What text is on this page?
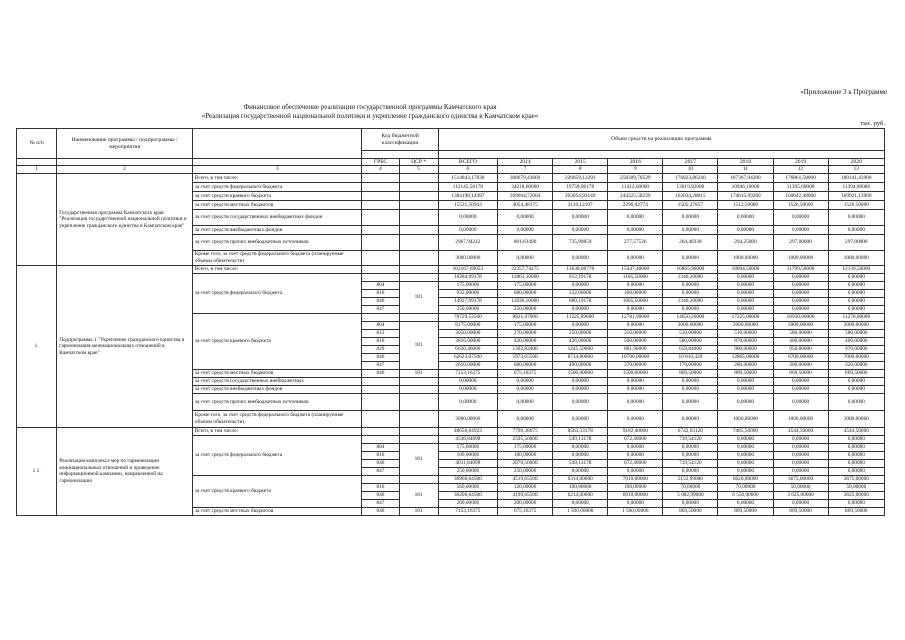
«Приложение 3 к Программе
Финансовое обеспечение реализации государственной программы Камчатского края
«Реализация государственной национальной политики и укрепление гражданского единства в Камчатском крае»
тыс. руб.
№ п/п	Наименование программы / подпрограммы / мероприятия		Код бюджетной классификации		Объем средств на реализацию программы							

			ГРБС	ЦСР *	ВСЕГО	2014	2015	2016	2017	2018	2019	2020
1	2	3	4	5	6	7	8	9	10	11	12	13
	Государственная программа Камчатского края "Реализация государственной национальной политики и укрепление гражданского единства в Камчатском крае"	Всего, в том числе:			1514843,17830	308679,43669	226659,13293	258309,78529	176823,86240	187367,94280	176861,58000	180141,43900
		за счет средств федерального бюджета			112145,58178	34218,60000	19758,06178	11412,60000	13019,92000	10946,10000	11395,60000	11394,80000
		за счет средств краевого бюджета			1384198,14497	269604,72004	203054,93149	244325,58229	162034,28015	174615,09280	160642,48000	169921,13900
		за счет средств местных бюджетов			15531,50943	4054,48175	3110,12107	2296,02774	1505,37857	1512,50000	1526,50000	1526,50000
		за счет средств государственных внебюджетных фондов			0,00000	0,00000	0,00000	0,00000	0,00000	0,00000	0,00000	0,00000
		за счет средств внебюджетных фондов			0,00000	0,00000	0,00000	0,00000	0,00000	0,00000	0,00000	0,00000
		за счет средств прочих внебюджетных источников			2967,94212	801,63490	735,99859	277,57526	264,48338	294,25000	297,00000	297,00000
		Кроме того, за счет средств федерального бюджета (планируемые объемы обязательств)			3000,00000	0,00000	0,00000	0,00000	0,00000	1000,00000	1000,00000	1000,00000
1.	Подпрограмма 1 "Укрепление гражданского единства и гармонизация межнациональных отношений в Камчатском крае"	Всего, в том числе:			102167,69053	22357,74275	13638,08778	15447,40000	16865,96000	18094,50000	11799,50000	12139,50000
		за счет средств федерального бюджета			16284,99178	12861,10000	912,19178	1165,50000	1346,20000	0,00000	0,00000	0,00000
			804	181	175,00000	175,00000	0,00000	0,00000	0,00000	0,00000	0,00000	0,00000
			816		932,00000	680,00000	232,00000	100,00000	0,00000	0,00000	0,00000	0,00000
			846		14927,99178	11836,10000	680,19178	1065,50000	1346,20000	0,00000	0,00000	0,00000
			847		250,00000	250,00000	0,00000	0,00000	0,00000	0,00000	0,00000	0,00000
		за счет средств краевого бюджета			78729,53500	8821,47900	11225,89600	12781,90000	14650,26000	17225,00000	10930,00000	11270,00000
			804	181	8175,00000	175,00000	0,00000	0,00000	2000,00000	2000,00000	2000,00000	2000,00000
			813		3050,00000	270,00000	250,00000	310,00000	510,00000	510,00000	580,00000	580,00000
			816		3816,00000	420,00000	426,00000	500,00000	580,00000	870,00000	400,00000	400,00000
			829		6630,46000	1302,82400	1245,59600	601,90000	659,84000	900,00000	950,00000	970,00000
			846		62623,07500	5973,65500	8714,80000	10700,00000	10 810,420	12865,00000	6700,00000	7000,00000
			847		2610,00000	680,00000	490,00000	370,00000	170,00000	280,00000	300,00000	320,00000
		за счет средств местных бюджетов	846	181	7153,16375	675,16375	1500,00000	1500,00000	869,50000	869,50000	869,50000	869,50000
		за счет средств государственных внебюджетных			0,00000	0,00000	0,00000	0,00000	0,00000	0,00000	0,00000	0,00000
		за счет средств внебюджетных фондов			0,00000	0,00000	0,00000	0,00000	0,00000	0,00000	0,00000	0,00000
		за счет средств прочих внебюджетных источников			0,00000	0,00000	0,00000	0,00000	0,00000	0,00000	0,00000	0,00000
		Кроме того, за счет средств федерального бюджета (планируемые объемы обязательств)			3000,00000	0,00000	0,00000	0,00000	0,00000	1000,00000	1000,00000	1000,00000
1.1.	Реализация комплекса мер по гармонизации межнациональных отношений и проведение информационной кампании, направленной на гармонизацию	Всего, в том числе:			48656,64923	7799,38675	8563,33178	9182,40000	6742,03120	7485,50000	4544,50000	4544,50000
		за счет средств федерального бюджета			4536,84098	2595,56800	549,13178	672,40000	719,54120	0,00000	0,00000	0,00000
			804	181	175,00000	175,00000	0,00000	0,00000	0,00000	0,00000	0,00000	0,00000
			816		100,00000	100,00000	0,00000	0,00000	0,00000	0,00000	0,00000	0,00000
			846		4011,84098	2070,56800	549,13178	672,40000	719,54120	0,00000	0,00000	0,00000
			847		250,00000	250,00000	0,00000	0,00000	0,00000	0,00000	0,00000	0,00000
		за счет средств краевого бюджета			36966,64500	4519,65500	6314,00000	7010,00000	5152,99000	6620,00000	3675,00000	3675,00000
			816	181	560,00000	120,00000	100,00000	100,00000	70,00000	70,00000	50,00000	50,00000
			846		36206,64500	4199,65500	6214,00000	6910,00000	5 082,99000	6 550,00000	3 625,00000	3625,00000
			847		200,00000	200,00000	0,00000	0,00000	0,00000	0,00000	0,00000	0,00000
		за счет средств местных бюджетов	846	181	7153,16375	675,16375	1 500,00000	1 500,00000	869,50000	869,50000	869,50000	869,50000
